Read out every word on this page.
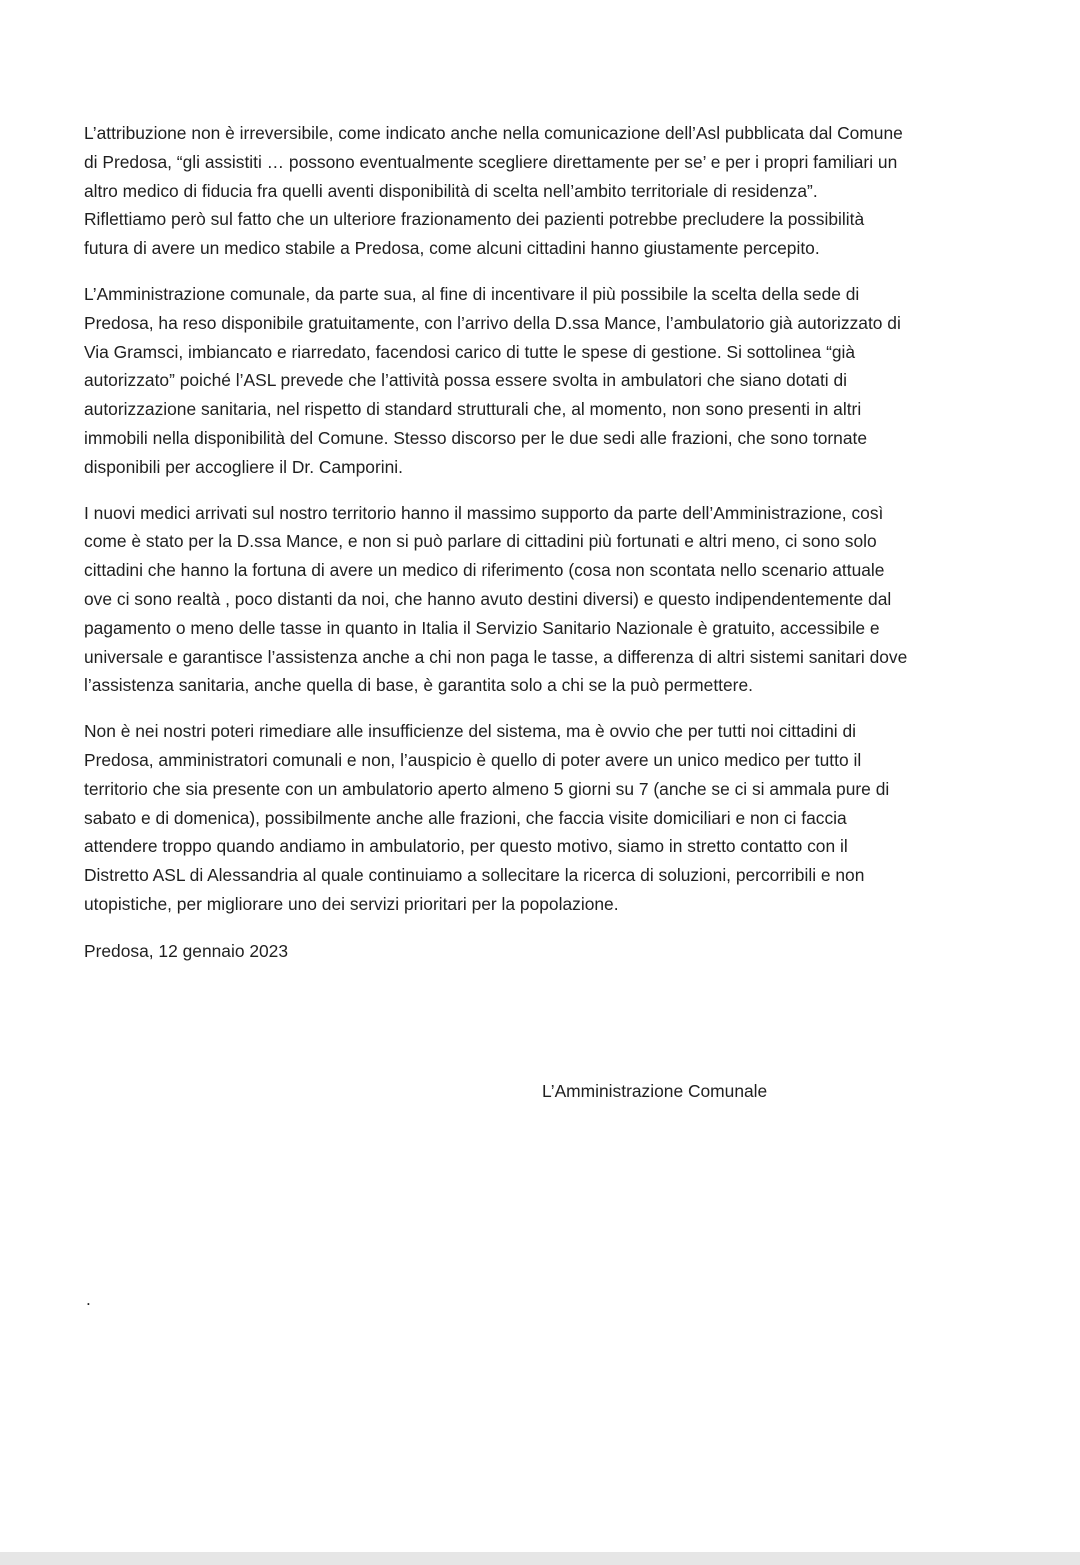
L’attribuzione non è irreversibile, come indicato anche nella comunicazione dell’Asl pubblicata dal Comune
di Predosa, “gli assistiti … possono eventualmente scegliere direttamente per se’ e per i propri familiari un
altro medico di fiducia fra quelli aventi disponibilità di scelta nell’ambito territoriale di residenza”.
Riflettiamo però sul fatto che un ulteriore frazionamento dei pazienti potrebbe precludere la possibilità
futura di avere un medico stabile a Predosa, come alcuni cittadini hanno giustamente percepito.

L’Amministrazione comunale, da parte sua, al fine di incentivare il più possibile la scelta della sede di
Predosa, ha reso disponibile gratuitamente, con l’arrivo della D.ssa Mance, l’ambulatorio già autorizzato di
Via Gramsci, imbiancato e riarredato, facendosi carico di tutte le spese di gestione. Si sottolinea “già
autorizzato” poiché l’ASL prevede che l’attività possa essere svolta in ambulatori che siano dotati di
autorizzazione sanitaria, nel rispetto di standard strutturali che, al momento, non sono presenti in altri
immobili nella disponibilità del Comune. Stesso discorso per le due sedi alle frazioni, che sono tornate
disponibili per accogliere il Dr. Camporini.

I nuovi medici arrivati sul nostro territorio hanno il massimo supporto da parte dell’Amministrazione, così
come è stato per la D.ssa Mance, e non si può parlare di cittadini più fortunati e altri meno, ci sono solo
cittadini che hanno la fortuna di avere un medico di riferimento (cosa non scontata nello scenario attuale
ove ci sono realtà , poco distanti da noi, che hanno avuto destini diversi) e questo indipendentemente dal
pagamento o meno delle tasse in quanto in Italia il Servizio Sanitario Nazionale è gratuito, accessibile e
universale e garantisce l’assistenza anche a chi non paga le tasse, a differenza di altri sistemi sanitari dove
l’assistenza sanitaria, anche quella di base, è garantita solo a chi se la può permettere.

Non è nei nostri poteri rimediare alle insufficienze del sistema, ma è ovvio che per tutti noi cittadini di
Predosa, amministratori comunali e non, l’auspicio è quello di poter avere un unico medico per tutto il
territorio che sia presente con un ambulatorio aperto almeno 5 giorni su 7 (anche se ci si ammala pure di
sabato e di domenica), possibilmente anche alle frazioni, che faccia visite domiciliari e non ci faccia
attendere troppo quando andiamo in ambulatorio, per questo motivo, siamo in stretto contatto con il
Distretto ASL di Alessandria al quale continuiamo a sollecitare la ricerca di soluzioni, percorribili e non
utopistiche, per migliorare uno dei servizi prioritari per la popolazione.

Predosa, 12 gennaio 2023

L’Amministrazione Comunale
.
